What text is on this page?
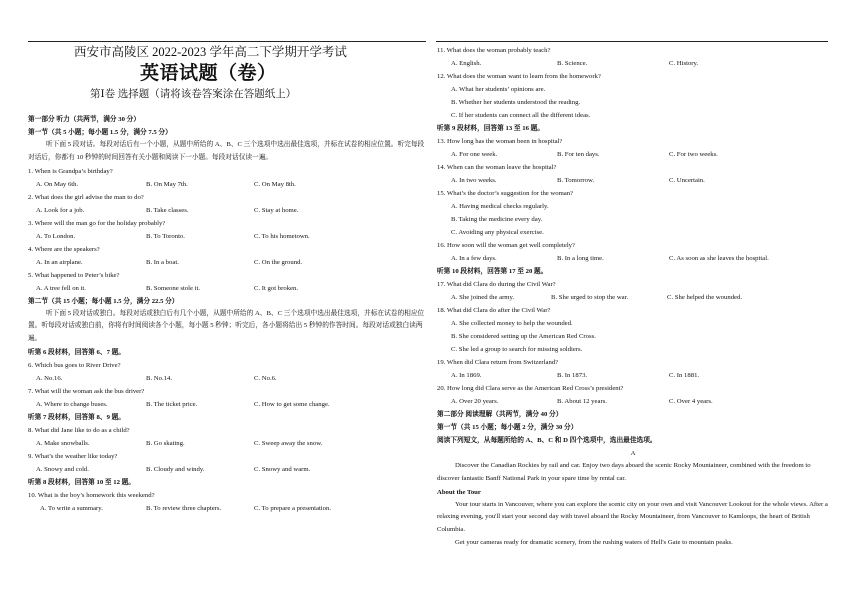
西安市高陵区 2022-2023 学年高二下学期开学考试
英语试题（卷）
第Ⅰ卷 选择题（请将该卷答案涂在答题纸上）
第一部分 听力（共两节，满分 30 分）
第一节（共 5 小题；每小题 1.5 分，满分 7.5 分）
听下面 5 段对话。每段对话后有一个小题，从题中所给的 A、B、C 三个选项中选出最佳选项，并标在试卷的相应位置。听完每段对话后，你都有 10 秒钟的时间回答有关小题和阅读下一小题。每段对话仅读一遍。
1. When is Grandpa’s birthday?
A. On May 6th.	B. On May 7th.	C. On May 8th.
2. What does the girl advise the man to do?
A. Look for a job.	B. Take classes.	C. Stay at home.
3. Where will the man go for the holiday probably?
A. To London.	B. To Toronto.	C. To his hometown.
4. Where are the speakers?
A. In an airplane.	B. In a boat.	C. On the ground.
5. What happened to Peter’s bike?
A. A tree fell on it.	B. Someone stole it.	C. It got broken.
第二节（共 15 小题；每小题 1.5 分，满分 22.5 分）
听下面 5 段对话或独白。每段对话或独白后有几个小题，从题中所给的 A、B、C 三个选项中选出最佳选项，并标在试卷的相应位置。听每段对话或独白前，你将有时间阅读各个小题，每小题 5 秒钟；听完后，各小题将给出 5 秒钟的作答时间。每段对话或独白读两遍。
听第 6 段材料，回答第 6、7 题。
6. Which bus goes to River Drive?
A. No.16.	B. No.14.	C. No.6.
7. What will the woman ask the bus driver?
A. Where to change buses.	B. The ticket price.	C. How to get some change.
听第 7 段材料，回答第 8、9 题。
8. What did Jane like to do as a child?
A. Make snowballs.	B. Go skating.	C. Sweep away the snow.
9. What’s the weather like today?
A. Snowy and cold.	B. Cloudy and windy.	C. Snowy and warm.
听第 8 段材料，回答第 10 至 12 题。
10. What is the boy’s homework this weekend?
A. To write a summary.	B. To review three chapters.	C. To prepare a presentation.
11. What does the woman probably teach?
A. English.	B. Science.	C. History.
12. What does the woman want to learn from the homework?
A. What her students’ opinions are.
B. Whether her students understood the reading.
C. If her students can connect all the different ideas.
听第 9 段材料，回答第 13 至 16 题。
13. How long has the woman been in hospital?
A. For one week.	B. For ten days.	C. For two weeks.
14. When can the woman leave the hospital?
A. In two weeks.	B. Tomorrow.	C. Uncertain.
15. What’s the doctor’s suggestion for the woman?
A. Having medical checks regularly.
B. Taking the medicine every day.
C. Avoiding any physical exercise.
16. How soon will the woman get well completely?
A. In a few days.	B. In a long time.	C. As soon as she leaves the hospital.
听第 10 段材料，回答第 17 至 20 题。
17. What did Clara do during the Civil War?
A. She joined the army.	B. She urged to stop the war.	C. She helped the wounded.
18. What did Clara do after the Civil War?
A. She collected money to help the wounded.
B. She considered setting up the American Red Cross.
C. She led a group to search for missing soldiers.
19. When did Clara return from Switzerland?
A. In 1869.	B. In 1873.	C. In 1881.
20. How long did Clara serve as the American Red Cross’s president?
A. Over 20 years.	B. About 12 years.	C. Over 4 years.
第二部分 阅读理解（共两节，满分 40 分）
第一节（共 15 小题；每小题 2 分，满分 30 分）
阅读下列短文，从每题所给的 A、B、C 和 D 四个选项中，选出最佳选项。
A
Discover the Canadian Rockies by rail and car. Enjoy two days aboard the scenic Rocky Mountaineer, combined with the freedom to discover fantastic Banff National Park in your spare time by rental car.
About the Tour
Your tour starts in Vancouver, where you can explore the scenic city on your own and visit Vancouver Lookout for the whole views. After a relaxing evening, you'll start your second day with travel aboard the Rocky Mountaineer, from Vancouver to Kamloops, the heart of British Columbia.
Get your cameras ready for dramatic scenery, from the rushing waters of Hell's Gate to mountain peaks.
